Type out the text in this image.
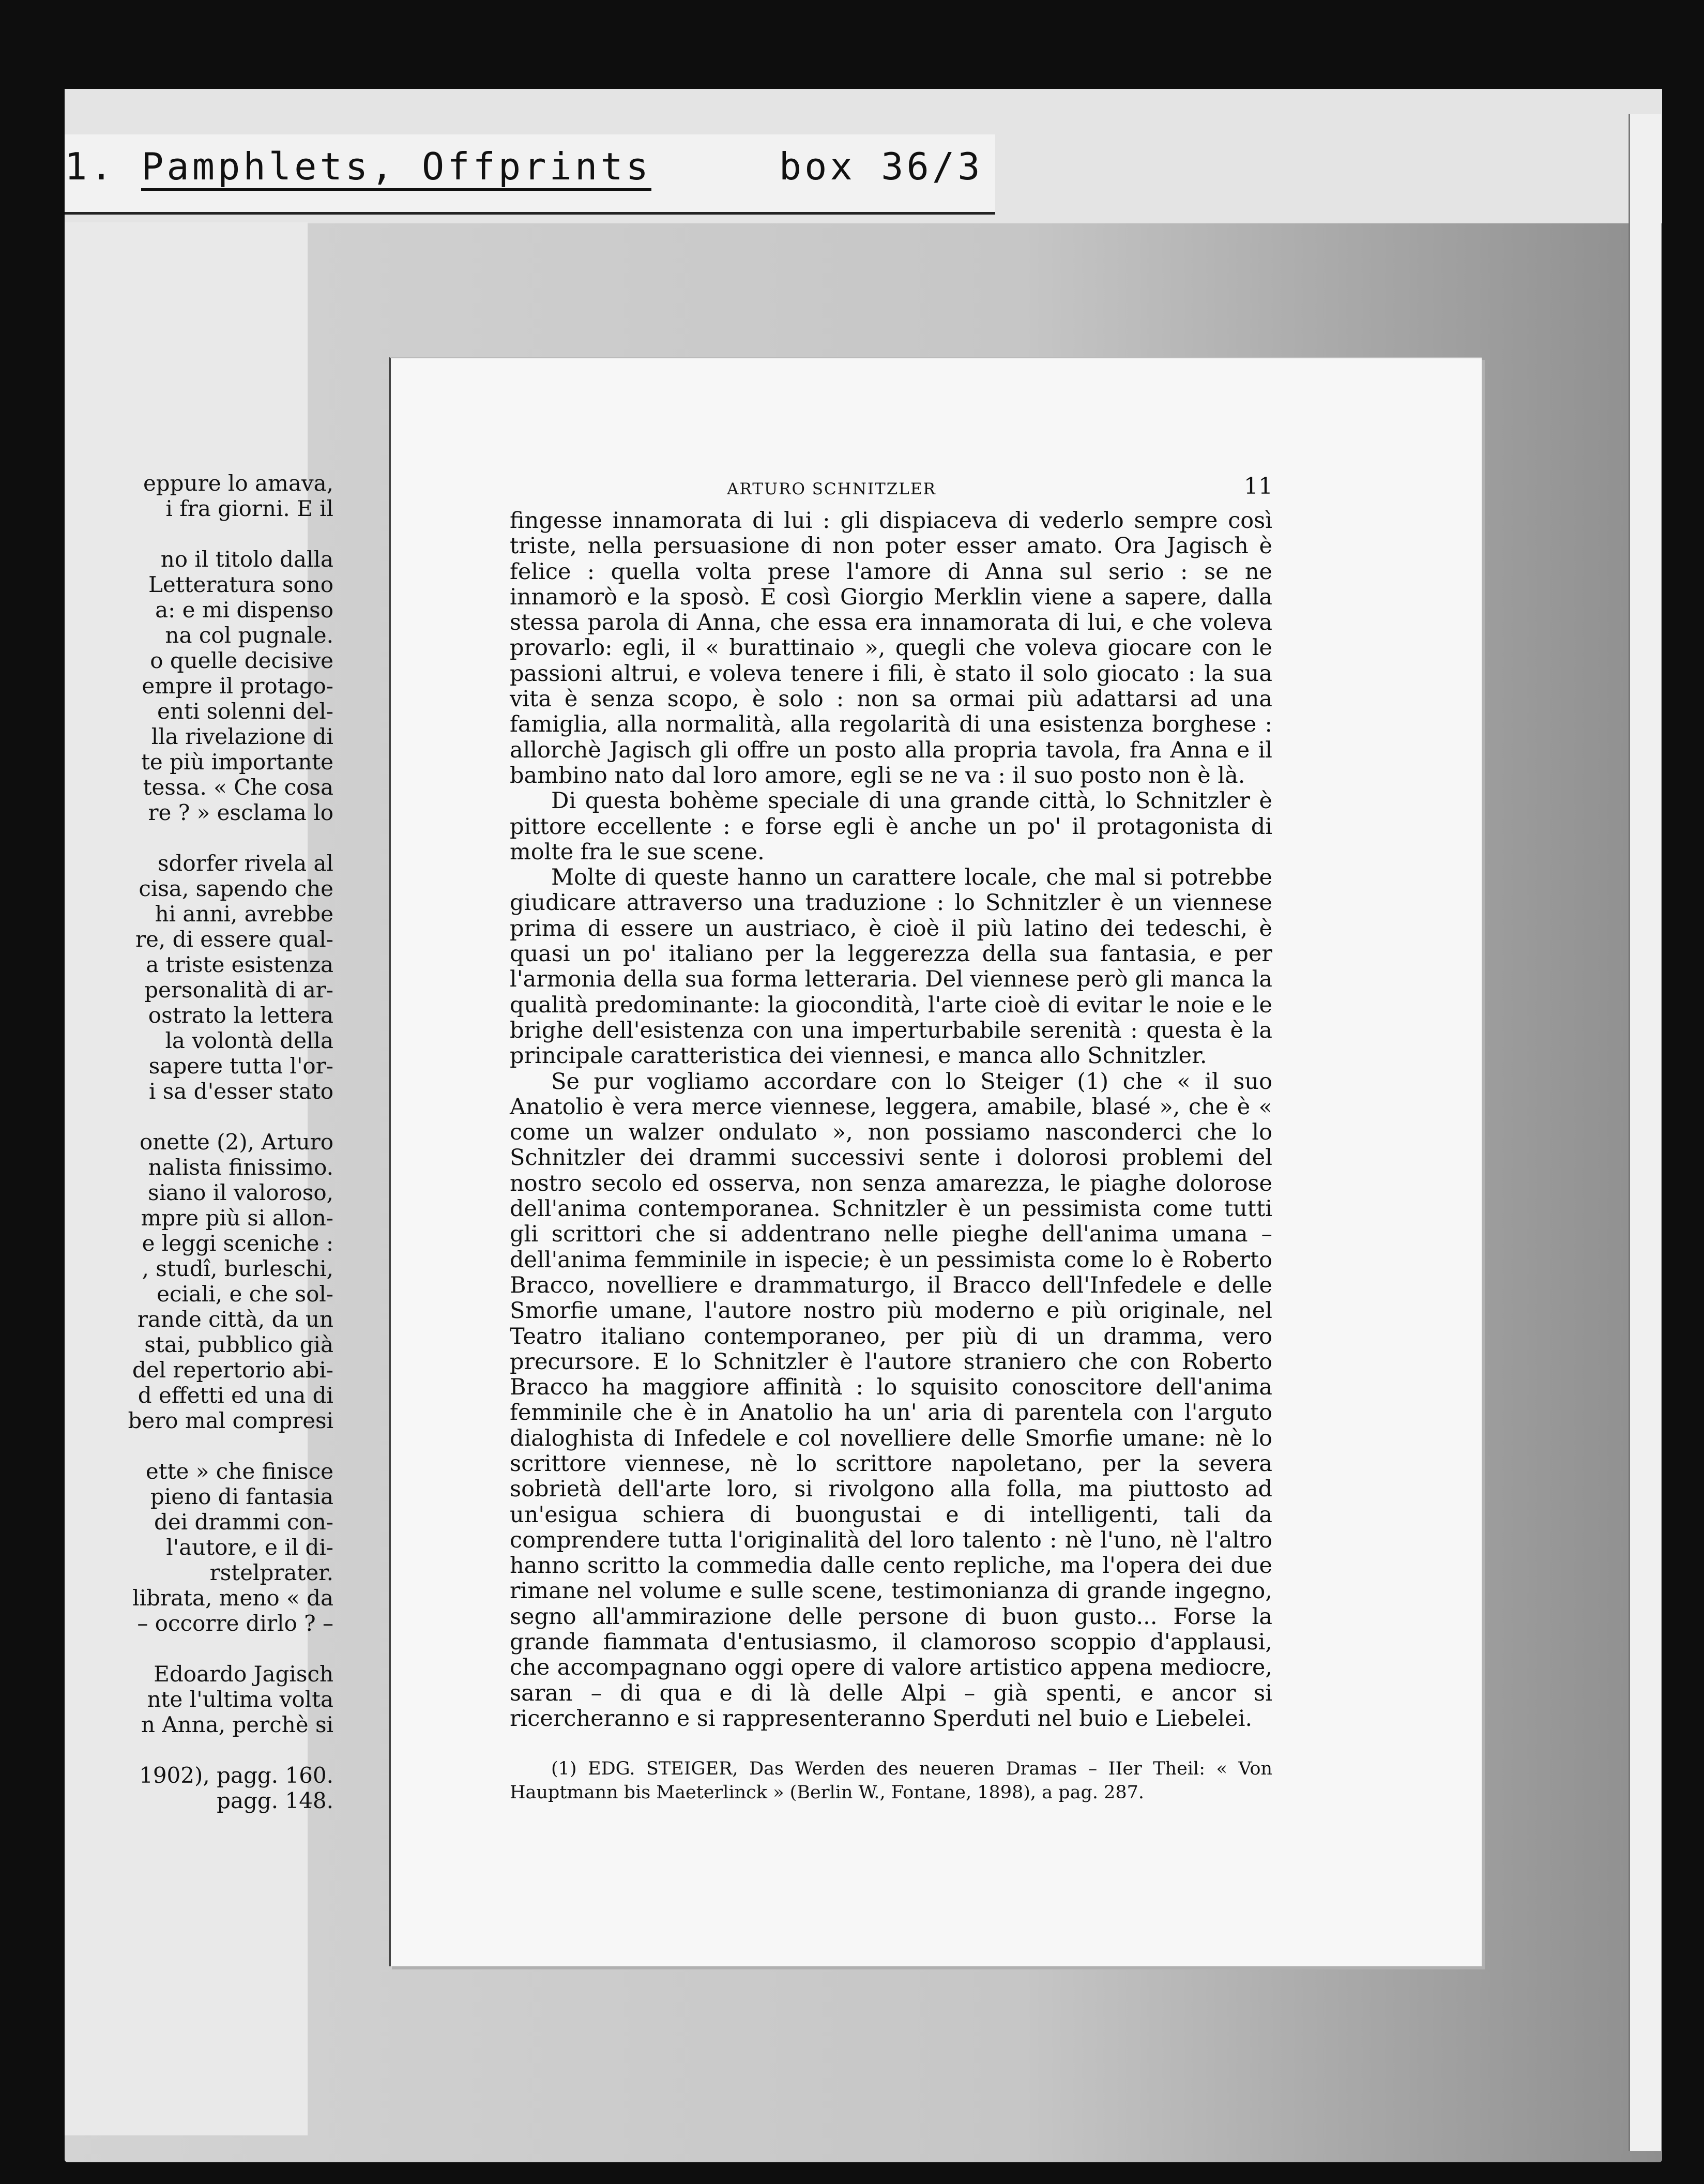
1. Pamphlets, Offprints	box 36/3
eppure lo amava,
i fra giorni. E il

no il titolo dalla
Letteratura sono
a: e mi dispenso
na col pugnale.
o quelle decisive
empre il protago-
enti solenni del-
lla rivelazione di
te più importante
tessa. « Che cosa
re ? » esclama lo

sdorfer rivela al
cisa, sapendo che
hi anni, avrebbe
re, di essere qual-
a triste esistenza
personalità di ar-
ostrato la lettera
la volontà della
sapere tutta l'or-
i sa d'esser stato

onette (2), Arturo
nalista finissimo.
siano il valoroso,
mpre più si allon-
e leggi sceniche :
, studî, burleschi,
eciali, e che sol-
rande città, da un
stai, pubblico già
del repertorio abi-
d effetti ed una di
bero mal compresi

ette » che finisce
pieno di fantasia
dei drammi con-
l'autore, e il di-
rstelprater.
librata, meno « da
– occorre dirlo ? –

Edoardo Jagisch
nte l'ultima volta
n Anna, perchè si

1902), pagg. 160.
pagg. 148.
ARTURO SCHNITZLER	11

fingesse innamorata di lui : gli dispiaceva di vederlo sempre così triste, nella persuasione di non poter esser amato. Ora Jagisch è felice : quella volta prese l'amore di Anna sul serio : se ne innamorò e la sposò. E così Giorgio Merklin viene a sapere, dalla stessa parola di Anna, che essa era innamorata di lui, e che voleva provarlo: egli, il « burattinaio », quegli che voleva giocare con le passioni altrui, e voleva tenere i fili, è stato il solo giocato : la sua vita è senza scopo, è solo : non sa ormai più adattarsi ad una famiglia, alla normalità, alla regolarità di una esistenza borghese : allorchè Jagisch gli offre un posto alla propria tavola, fra Anna e il bambino nato dal loro amore, egli se ne va : il suo posto non è là.

Di questa bohème speciale di una grande città, lo Schnitzler è pittore eccellente : e forse egli è anche un po' il protagonista di molte fra le sue scene.

Molte di queste hanno un carattere locale, che mal si potrebbe giudicare attraverso una traduzione : lo Schnitzler è un viennese prima di essere un austriaco, è cioè il più latino dei tedeschi, è quasi un po' italiano per la leggerezza della sua fantasia, e per l'armonia della sua forma letteraria. Del viennese però gli manca la qualità predominante: la giocondità, l'arte cioè di evitar le noie e le brighe dell'esistenza con una imperturbabile serenità : questa è la principale caratteristica dei viennesi, e manca allo Schnitzler.

Se pur vogliamo accordare con lo Steiger (1) che « il suo Anatolio è vera merce viennese, leggera, amabile, blasé », che è « come un walzer ondulato », non possiamo nasconderci che lo Schnitzler dei drammi successivi sente i dolorosi problemi del nostro secolo ed osserva, non senza amarezza, le piaghe dolorose dell'anima contemporanea. Schnitzler è un pessimista come tutti gli scrittori che si addentrano nelle pieghe dell'anima umana – dell'anima femminile in ispecie; è un pessimista come lo è Roberto Bracco, novelliere e drammaturgo, il Bracco dell'Infedele e delle Smorfie umane, l'autore nostro più moderno e più originale, nel Teatro italiano contemporaneo, per più di un dramma, vero precursore. E lo Schnitzler è l'autore straniero che con Roberto Bracco ha maggiore affinità : lo squisito conoscitore dell'anima femminile che è in Anatolio ha un' aria di parentela con l'arguto dialoghista di Infedele e col novelliere delle Smorfie umane: nè lo scrittore viennese, nè lo scrittore napoletano, per la severa sobrietà dell'arte loro, si rivolgono alla folla, ma piuttosto ad un'esigua schiera di buongustai e di intelligenti, tali da comprendere tutta l'originalità del loro talento : nè l'uno, nè l'altro hanno scritto la commedia dalle cento repliche, ma l'opera dei due rimane nel volume e sulle scene, testimonianza di grande ingegno, segno all'ammirazione delle persone di buon gusto... Forse la grande fiammata d'entusiasmo, il clamoroso scoppio d'applausi, che accompagnano oggi opere di valore artistico appena mediocre, saran – di qua e di là delle Alpi – già spenti, e ancor si ricercheranno e si rappresenteranno Sperduti nel buio e Liebelei.

(1) EDG. STEIGER, Das Werden des neueren Dramas – IIer Theil: « Von Hauptmann bis Maeterlinck » (Berlin W., Fontane, 1898), a pag. 287.
